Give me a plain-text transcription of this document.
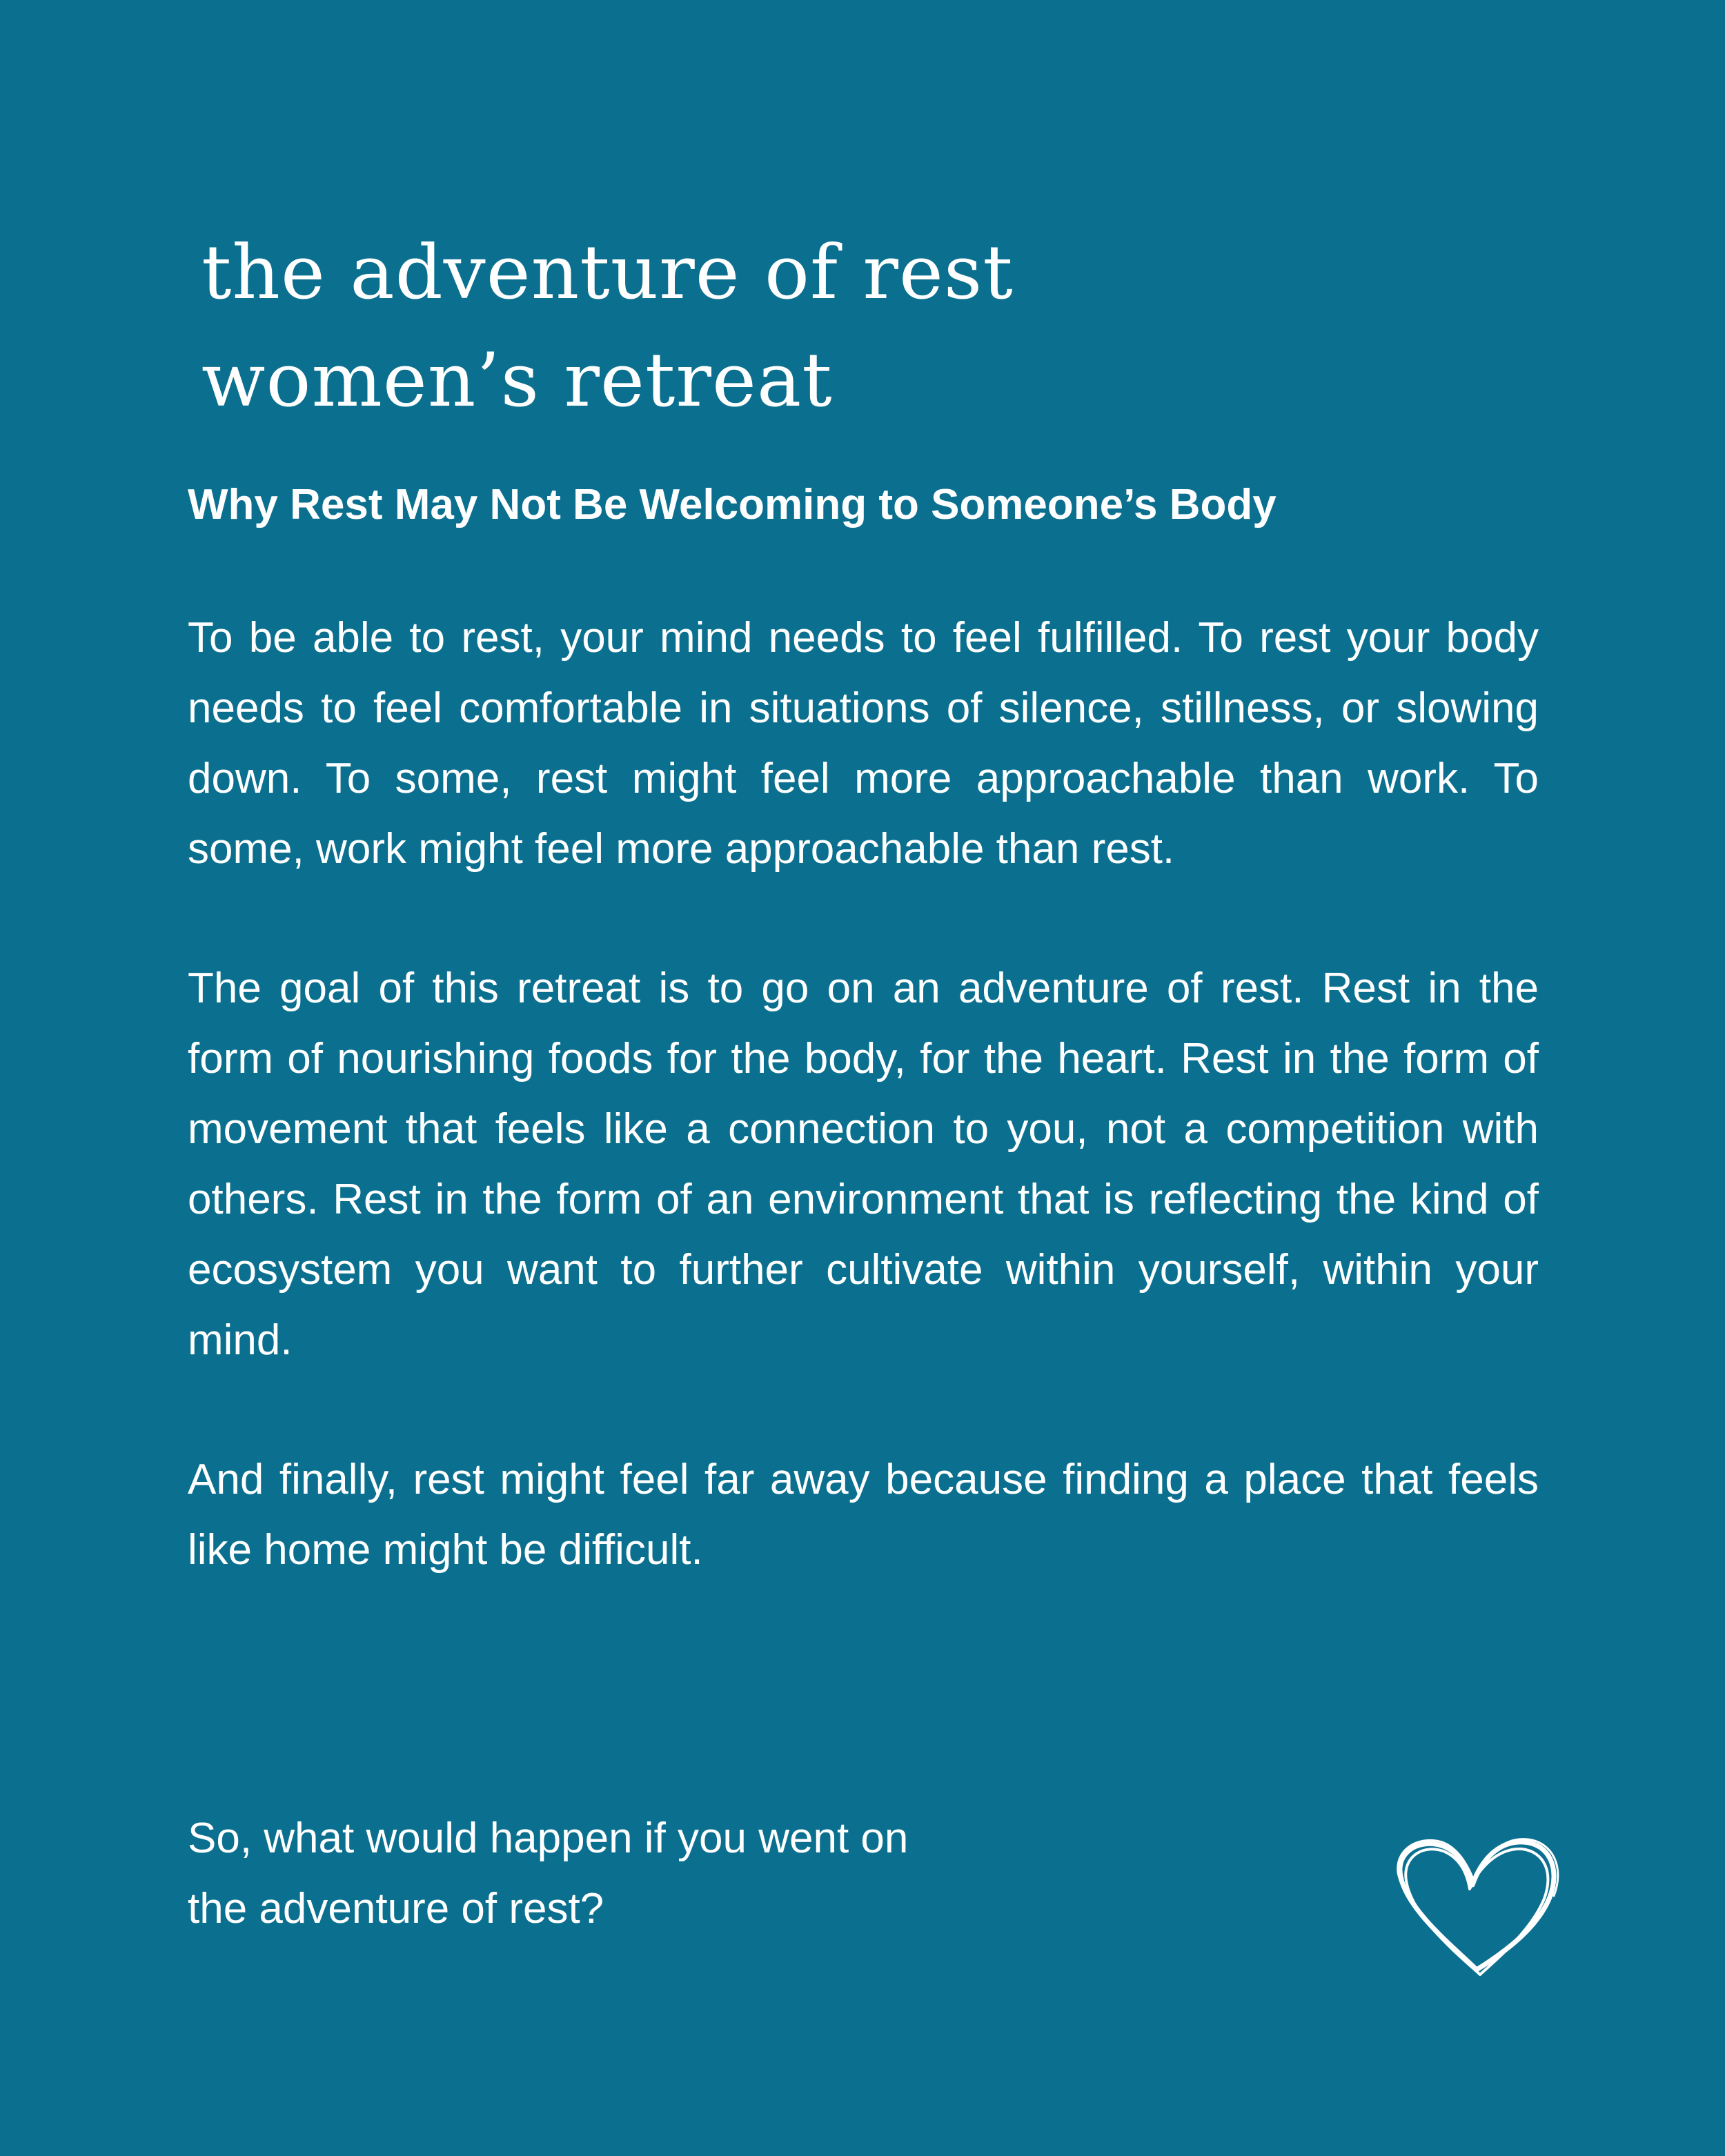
the adventure of rest
women’s retreat
Why Rest May Not Be Welcoming to Someone’s Body

To be able to rest, your mind needs to feel fulfilled. To rest your body needs to feel comfortable in situations of silence, stillness, or slowing down. To some, rest might feel more approachable than work. To some, work might feel more approachable than rest.

The goal of this retreat is to go on an adventure of rest. Rest in the form of nourishing foods for the body, for the heart. Rest in the form of movement that feels like a connection to you, not a competition with others. Rest in the form of an environment that is reflecting the kind of ecosystem you want to further cultivate within yourself, within your mind.

And finally, rest might feel far away because finding a place that feels like home might be difficult.

So, what would happen if you went on
the adventure of rest?
